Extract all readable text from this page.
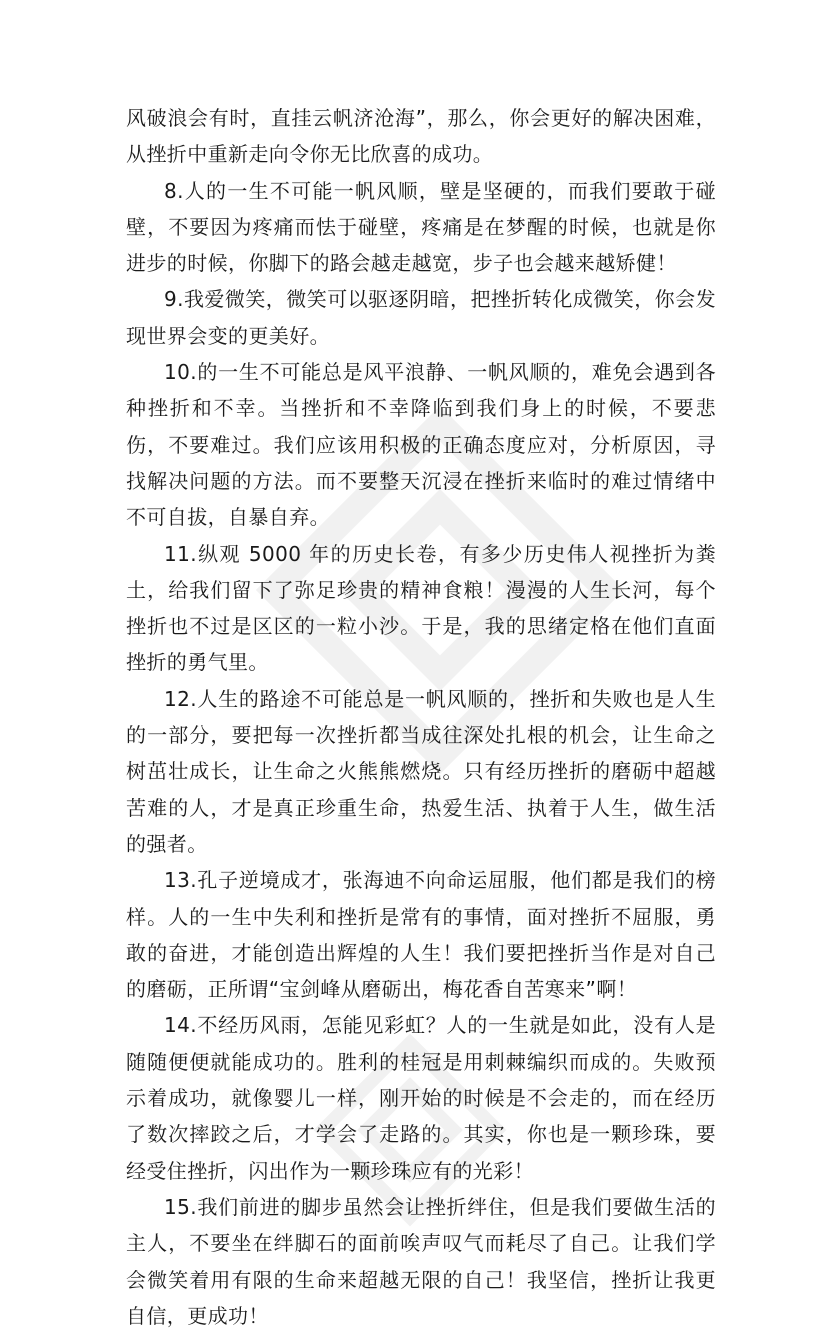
风破浪会有时，直挂云帆济沧海”，那么，你会更好的解决困难，从挫折中重新走向令你无比欣喜的成功。

8.人的一生不可能一帆风顺，壁是坚硬的，而我们要敢于碰壁，不要因为疼痛而怯于碰壁，疼痛是在梦醒的时候，也就是你进步的时候，你脚下的路会越走越宽，步子也会越来越矫健！

9.我爱微笑，微笑可以驱逐阴暗，把挫折转化成微笑，你会发现世界会变的更美好。

10.的一生不可能总是风平浪静、一帆风顺的，难免会遇到各种挫折和不幸。当挫折和不幸降临到我们身上的时候，不要悲伤，不要难过。我们应该用积极的正确态度应对，分析原因，寻找解决问题的方法。而不要整天沉浸在挫折来临时的难过情绪中不可自拔，自暴自弃。

11.纵观 5000 年的历史长卷，有多少历史伟人视挫折为粪土，给我们留下了弥足珍贵的精神食粮！漫漫的人生长河，每个挫折也不过是区区的一粒小沙。于是，我的思绪定格在他们直面挫折的勇气里。

12.人生的路途不可能总是一帆风顺的，挫折和失败也是人生的一部分，要把每一次挫折都当成往深处扎根的机会，让生命之树茁壮成长，让生命之火熊熊燃烧。只有经历挫折的磨砺中超越苦难的人，才是真正珍重生命，热爱生活、执着于人生，做生活的强者。

13.孔子逆境成才，张海迪不向命运屈服，他们都是我们的榜样。人的一生中失利和挫折是常有的事情，面对挫折不屈服，勇敢的奋进，才能创造出辉煌的人生！我们要把挫折当作是对自己的磨砺，正所谓“宝剑峰从磨砺出，梅花香自苦寒来”啊！

14.不经历风雨，怎能见彩虹？人的一生就是如此，没有人是随随便便就能成功的。胜利的桂冠是用刺棘编织而成的。失败预示着成功，就像婴儿一样，刚开始的时候是不会走的，而在经历了数次摔跤之后，才学会了走路的。其实，你也是一颗珍珠，要经受住挫折，闪出作为一颗珍珠应有的光彩！

15.我们前进的脚步虽然会让挫折绊住，但是我们要做生活的主人，不要坐在绊脚石的面前唉声叹气而耗尽了自己。让我们学会微笑着用有限的生命来超越无限的自己！我坚信，挫折让我更自信，更成功！
